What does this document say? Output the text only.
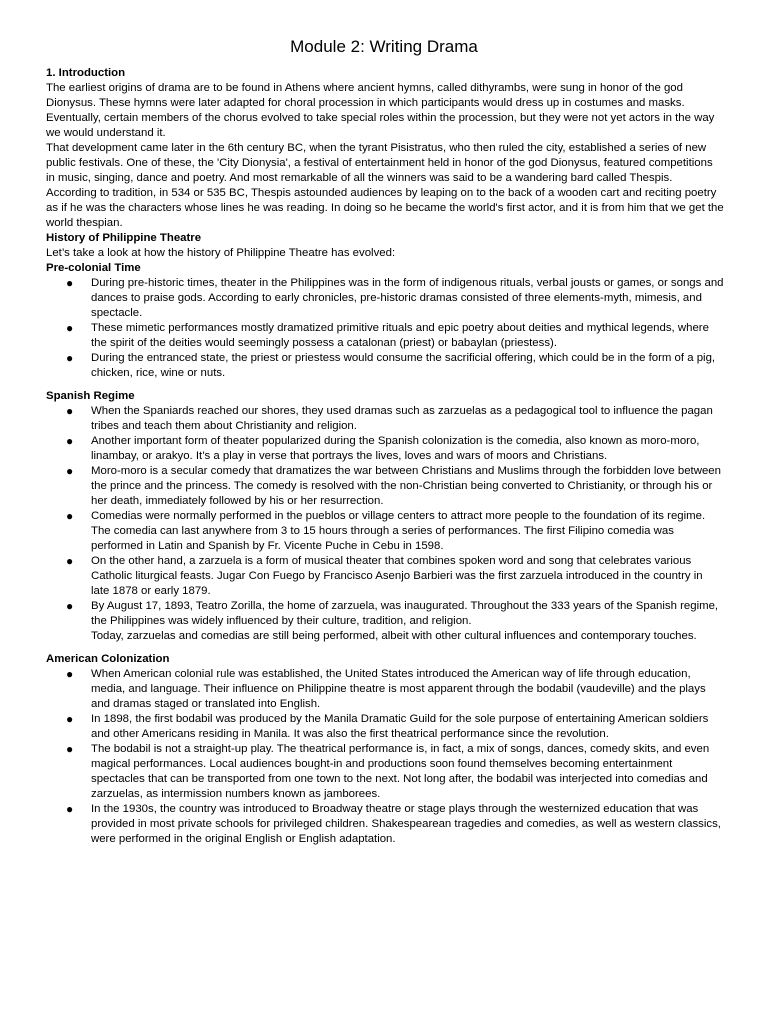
Module 2: Writing Drama
1. Introduction

The earliest origins of drama are to be found in Athens where ancient hymns, called dithyrambs, were sung in honor of the god Dionysus. These hymns were later adapted for choral procession in which participants would dress up in costumes and masks. Eventually, certain members of the chorus evolved to take special roles within the procession, but they were not yet actors in the way we would understand it.

That development came later in the 6th century BC, when the tyrant Pisistratus, who then ruled the city, established a series of new public festivals. One of these, the 'City Dionysia', a festival of entertainment held in honor of the god Dionysus, featured competitions in music, singing, dance and poetry. And most remarkable of all the winners was said to be a wandering bard called Thespis.

According to tradition, in 534 or 535 BC, Thespis astounded audiences by leaping on to the back of a wooden cart and reciting poetry as if he was the characters whose lines he was reading. In doing so he became the world's first actor, and it is from him that we get the world thespian.

History of Philippine Theatre

Let’s take a look at how the history of Philippine Theatre has evolved:

Pre-colonial Time
● During pre-historic times, theater in the Philippines was in the form of indigenous rituals, verbal jousts or games, or songs and dances to praise gods. According to early chronicles, pre-historic dramas consisted of three elements-myth, mimesis, and spectacle.
● These mimetic performances mostly dramatized primitive rituals and epic poetry about deities and mythical legends, where the spirit of the deities would seemingly possess a catalonan (priest) or babaylan (priestess).
● During the entranced state, the priest or priestess would consume the sacrificial offering, which could be in the form of a pig, chicken, rice, wine or nuts.
Spanish Regime
● When the Spaniards reached our shores, they used dramas such as zarzuelas as a pedagogical tool to influence the pagan tribes and teach them about Christianity and religion.
● Another important form of theater popularized during the Spanish colonization is the comedia, also known as moro-moro, linambay, or arakyo. It’s a play in verse that portrays the lives, loves and wars of moors and Christians.
● Moro-moro is a secular comedy that dramatizes the war between Christians and Muslims through the forbidden love between the prince and the princess. The comedy is resolved with the non-Christian being converted to Christianity, or through his or her death, immediately followed by his or her resurrection.
● Comedias were normally performed in the pueblos or village centers to attract more people to the foundation of its regime. The comedia can last anywhere from 3 to 15 hours through a series of performances. The first Filipino comedia was performed in Latin and Spanish by Fr. Vicente Puche in Cebu in 1598.
● On the other hand, a zarzuela is a form of musical theater that combines spoken word and song that celebrates various Catholic liturgical feasts. Jugar Con Fuego by Francisco Asenjo Barbieri was the first zarzuela introduced in the country in late 1878 or early 1879.
● By August 17, 1893, Teatro Zorilla, the home of zarzuela, was inaugurated. Throughout the 333 years of the Spanish regime, the Philippines was widely influenced by their culture, tradition, and religion.
Today, zarzuelas and comedias are still being performed, albeit with other cultural influences and contemporary touches.
American Colonization
● When American colonial rule was established, the United States introduced the American way of life through education, media, and language. Their influence on Philippine theatre is most apparent through the bodabil (vaudeville) and the plays and dramas staged or translated into English.
● In 1898, the first bodabil was produced by the Manila Dramatic Guild for the sole purpose of entertaining American soldiers and other Americans residing in Manila. It was also the first theatrical performance since the revolution.
● The bodabil is not a straight-up play. The theatrical performance is, in fact, a mix of songs, dances, comedy skits, and even magical performances. Local audiences bought-in and productions soon found themselves becoming entertainment spectacles that can be transported from one town to the next. Not long after, the bodabil was interjected into comedias and zarzuelas, as intermission numbers known as jamborees.
● In the 1930s, the country was introduced to Broadway theatre or stage plays through the westernized education that was provided in most private schools for privileged children. Shakespearean tragedies and comedies, as well as western classics, were performed in the original English or English adaptation.
